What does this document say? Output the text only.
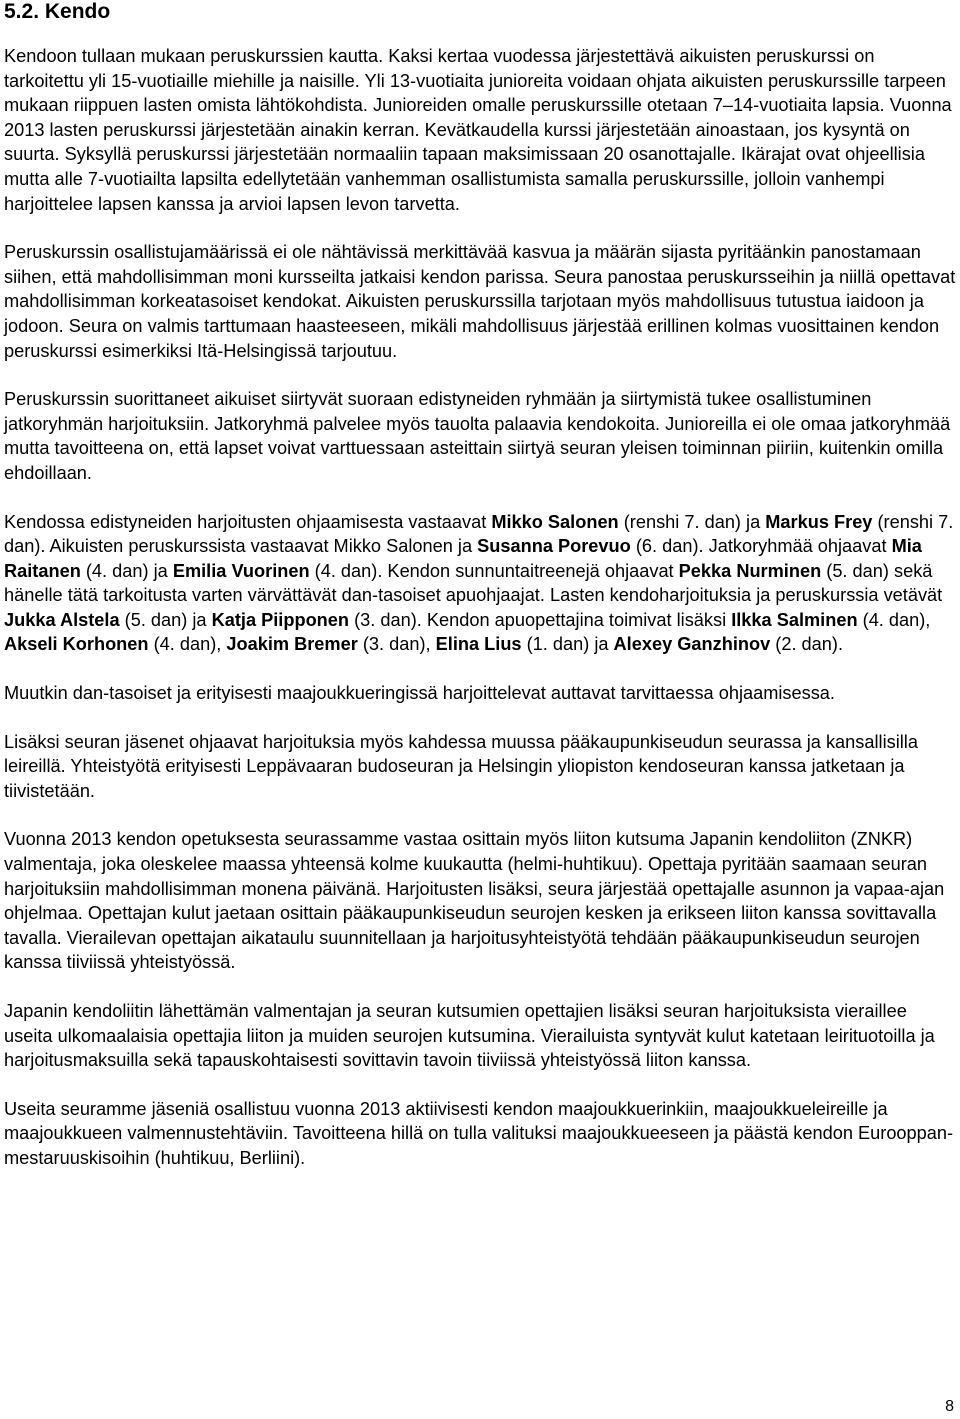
5.2. Kendo

Kendoon tullaan mukaan peruskurssien kautta. Kaksi kertaa vuodessa järjestettävä aikuisten peruskurssi on tarkoitettu yli 15-vuotiaille miehille ja naisille. Yli 13-vuotiaita junioreita voidaan ohjata aikuisten peruskurssille tarpeen mukaan riippuen lasten omista lähtökohdista. Junioreiden omalle peruskurssille otetaan 7–14-vuotiaita lapsia. Vuonna 2013 lasten peruskurssi järjestetään ainakin kerran. Kevätkaudella kurssi järjestetään ainoastaan, jos kysyntä on suurta. Syksyllä peruskurssi järjestetään normaaliin tapaan maksimissaan 20 osanottajalle. Ikärajat ovat ohjeellisia mutta alle 7-vuotiailta lapsilta edellytetään vanhemman osallistumista samalla peruskurssille, jolloin vanhempi harjoittelee lapsen kanssa ja arvioi lapsen levon tarvetta.

Peruskurssin osallistujamäärissä ei ole nähtävissä merkittävää kasvua ja määrän sijasta pyritäänkin panostamaan siihen, että mahdollisimman moni kursseilta jatkaisi kendon parissa. Seura panostaa peruskursseihin ja niillä opettavat mahdollisimman korkeatasoiset kendokat. Aikuisten peruskurssilla tarjotaan myös mahdollisuus tutustua iaidoon ja jodoon. Seura on valmis tarttumaan haasteeseen, mikäli mahdollisuus järjestää erillinen kolmas vuosittainen kendon peruskurssi esimerkiksi Itä-Helsingissä tarjoutuu.

Peruskurssin suorittaneet aikuiset siirtyvät suoraan edistyneiden ryhmään ja siirtymistä tukee osallistuminen jatkoryhmän harjoituksiin. Jatkoryhmä palvelee myös tauolta palaavia kendokoita. Junioreilla ei ole omaa jatkoryhmää mutta tavoitteena on, että lapset voivat varttuessaan asteittain siirtyä seuran yleisen toiminnan piiriin, kuitenkin omilla ehdoillaan.

Kendossa edistyneiden harjoitusten ohjaamisesta vastaavat Mikko Salonen (renshi 7. dan) ja Markus Frey (renshi 7. dan). Aikuisten peruskurssista vastaavat Mikko Salonen ja Susanna Porevuo (6. dan). Jatkoryhmää ohjaavat Mia Raitanen (4. dan) ja Emilia Vuorinen (4. dan). Kendon sunnuntaitreenejä ohjaavat Pekka Nurminen (5. dan) sekä hänelle tätä tarkoitusta varten värvättävät dan-tasoiset apuohjaajat. Lasten kendoharjoituksia ja peruskurssia vetävät Jukka Alstela (5. dan) ja Katja Piipponen (3. dan). Kendon apuopettajina toimivat lisäksi Ilkka Salminen (4. dan), Akseli Korhonen (4. dan), Joakim Bremer (3. dan), Elina Lius (1. dan) ja Alexey Ganzhinov (2. dan).

Muutkin dan-tasoiset ja erityisesti maajoukkueringissä harjoittelevat auttavat tarvittaessa ohjaamisessa.

Lisäksi seuran jäsenet ohjaavat harjoituksia myös kahdessa muussa pääkaupunkiseudun seurassa ja kansallisilla leireillä. Yhteistyötä erityisesti Leppävaaran budoseuran ja Helsingin yliopiston kendoseuran kanssa jatketaan ja tiivistetään.

Vuonna 2013 kendon opetuksesta seurassamme vastaa osittain myös liiton kutsuma Japanin kendoliiton (ZNKR) valmentaja, joka oleskelee maassa yhteensä kolme kuukautta (helmi-huhtikuu). Opettaja pyritään saamaan seuran harjoituksiin mahdollisimman monena päivänä. Harjoitusten lisäksi, seura järjestää opettajalle asunnon ja vapaa-ajan ohjelmaa. Opettajan kulut jaetaan osittain pääkaupunkiseudun seurojen kesken ja erikseen liiton kanssa sovittavalla tavalla. Vierailevan opettajan aikataulu suunnitellaan ja harjoitusyhteistyötä tehdään pääkaupunkiseudun seurojen kanssa tiiviissä yhteistyössä.

Japanin kendoliitin lähettämän valmentajan ja seuran kutsumien opettajien lisäksi seuran harjoituksista vieraillee useita ulkomaalaisia opettajia liiton ja muiden seurojen kutsumina. Vierailuista syntyvät kulut katetaan leirituotoilla ja harjoitusmaksuilla sekä tapauskohtaisesti sovittavin tavoin tiiviissä yhteistyössä liiton kanssa.

Useita seuramme jäseniä osallistuu vuonna 2013 aktiivisesti kendon maajoukkuerinkiin, maajoukkueleireille ja maajoukkueen valmennustehtäviin. Tavoitteena hillä on tulla valituksi maajoukkueeseen ja päästä kendon Eurooppan-mestaruuskisoihin (huhtikuu, Berliini).

8
